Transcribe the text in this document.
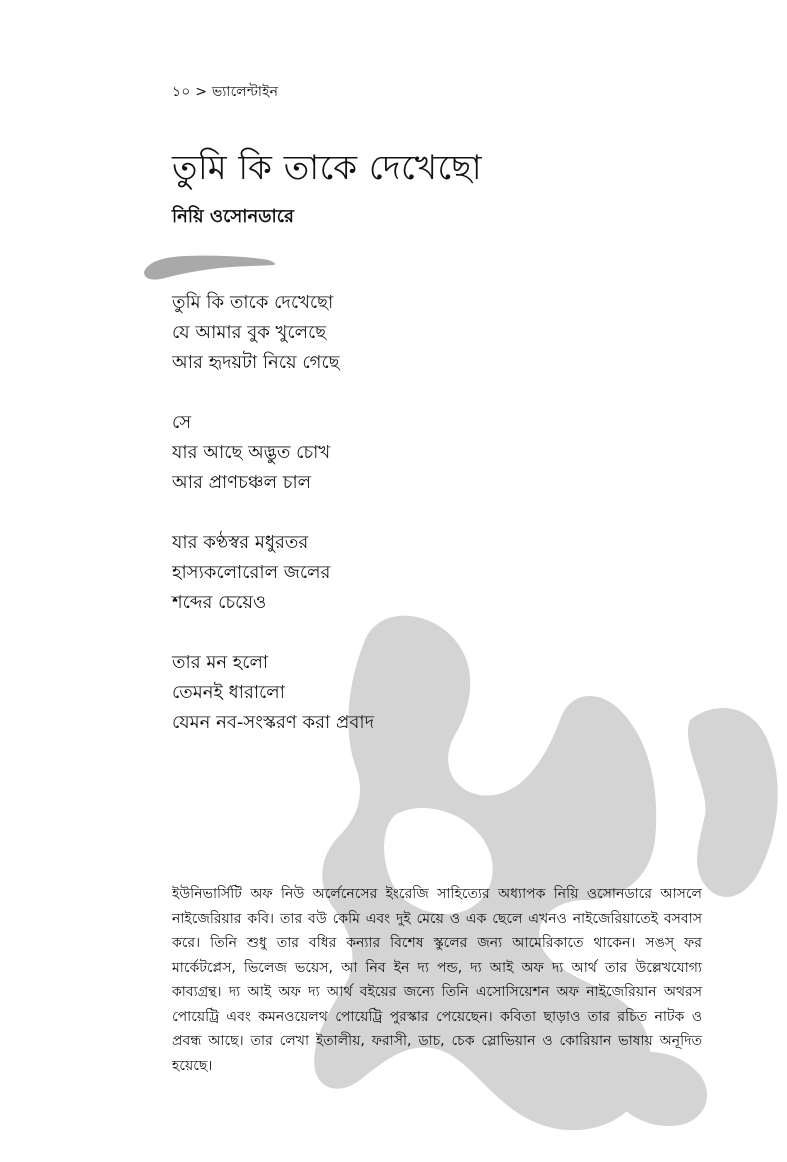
১০ > ভ্যালেন্টাইন
তুমি কি তাকে দেখেছো
নিয়ি ওসোনডারে
তুমি কি তাকে দেখেছো
যে আমার বুক খুলেছে
আর হৃদয়টা নিয়ে গেছে
সে
যার আছে অদ্ভুত চোখ
আর প্রাণচঞ্চল চাল
যার কণ্ঠস্বর মধুরতর
হাস্যকলোরোল জলের
শব্দের চেয়েও
তার মন হলো
তেমনই ধারালো
যেমন নব-সংস্করণ করা প্রবাদ

ইউনিভার্সিটি অফ নিউ অর্লেনেসের ইংরেজি সাহিত্যের অধ্যাপক নিয়ি ওসোনডারে আসলে নাইজেরিয়ার কবি। তার বউ কেমি এবং দুই মেয়ে ও এক ছেলে এখনও নাইজেরিয়াতেই বসবাস করে। তিনি শুধু তার বধির কন্যার বিশেষ স্কুলের জন্য আমেরিকাতে থাকেন। সঙস্ ফর মার্কেটপ্লেস, ভিলেজ ভয়েস, আ নিব ইন দ্য পন্ড, দ্য আই অফ দ্য আর্থ তার উল্লেখযোগ্য কাব্যগ্রন্থ। দ্য আই অফ দ্য আর্থ বইয়ের জন্যে তিনি এসোসিয়েশন অফ নাইজেরিয়ান অথরস পোয়েট্রি এবং কমনওয়েলথ পোয়েট্রি পুরস্কার পেয়েছেন। কবিতা ছাড়াও তার রচিত নাটক ও প্রবন্ধ আছে। তার লেখা ইতালীয়, ফরাসী, ডাচ, চেক স্লোভিয়ান ও কোরিয়ান ভাষায় অনূদিত হয়েছে।
